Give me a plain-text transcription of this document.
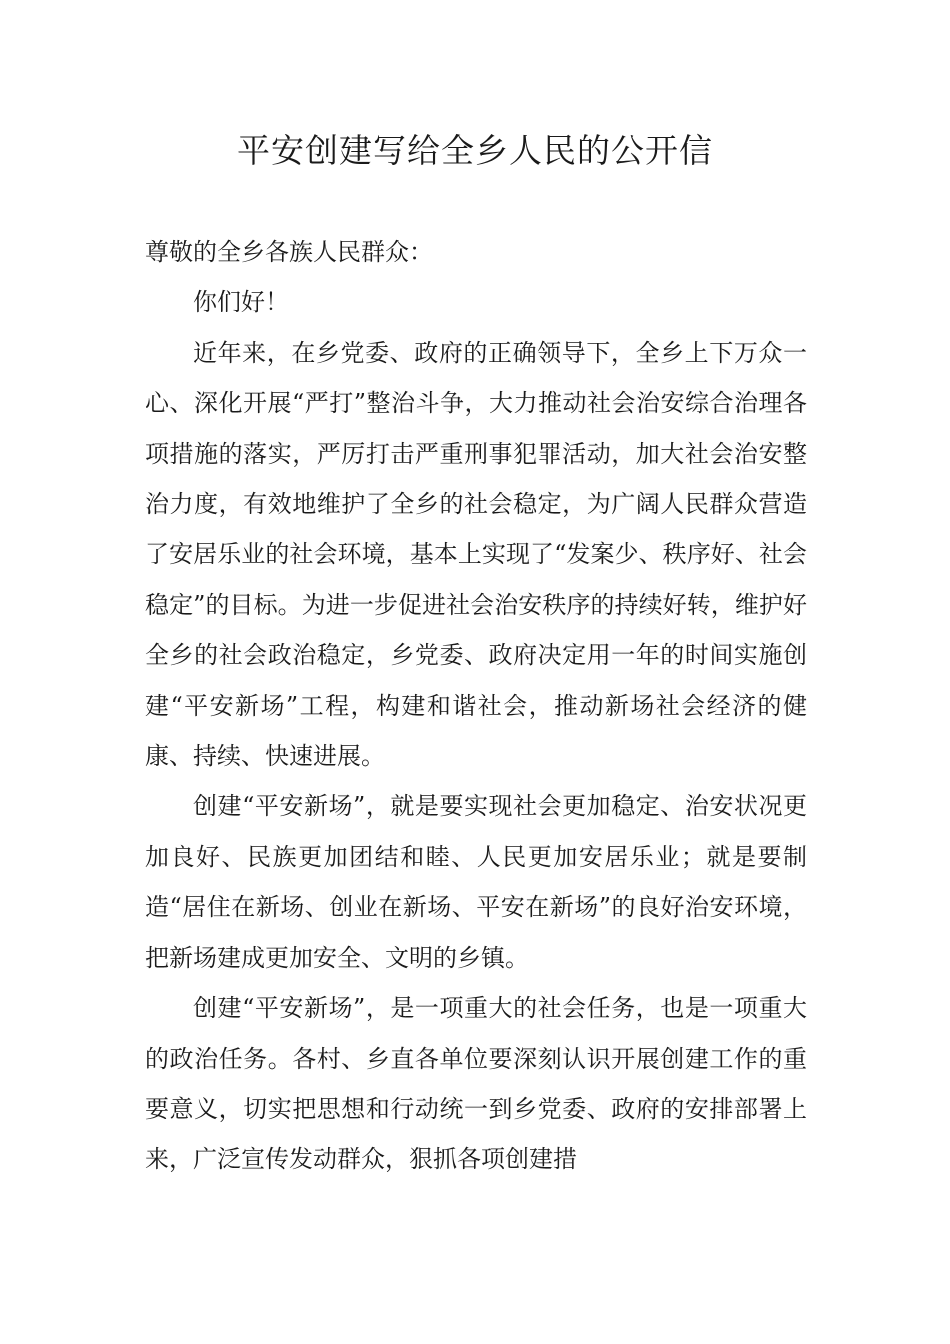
平安创建写给全乡人民的公开信

尊敬的全乡各族人民群众：

你们好！

近年来，在乡党委、政府的正确领导下，全乡上下万众一心、深化开展“严打”整治斗争，大力推动社会治安综合治理各项措施的落实，严厉打击严重刑事犯罪活动，加大社会治安整治力度，有效地维护了全乡的社会稳定，为广阔人民群众营造了安居乐业的社会环境，基本上实现了“发案少、秩序好、社会稳定”的目标。为进一步促进社会治安秩序的持续好转，维护好全乡的社会政治稳定，乡党委、政府决定用一年的时间实施创建“平安新场”工程，构建和谐社会，推动新场社会经济的健康、持续、快速进展。

创建“平安新场”，就是要实现社会更加稳定、治安状况更加良好、民族更加团结和睦、人民更加安居乐业；就是要制造“居住在新场、创业在新场、平安在新场”的良好治安环境，把新场建成更加安全、文明的乡镇。

创建“平安新场”，是一项重大的社会任务，也是一项重大的政治任务。各村、乡直各单位要深刻认识开展创建工作的重要意义，切实把思想和行动统一到乡党委、政府的安排部署上来，广泛宣传发动群众，狠抓各项创建措
